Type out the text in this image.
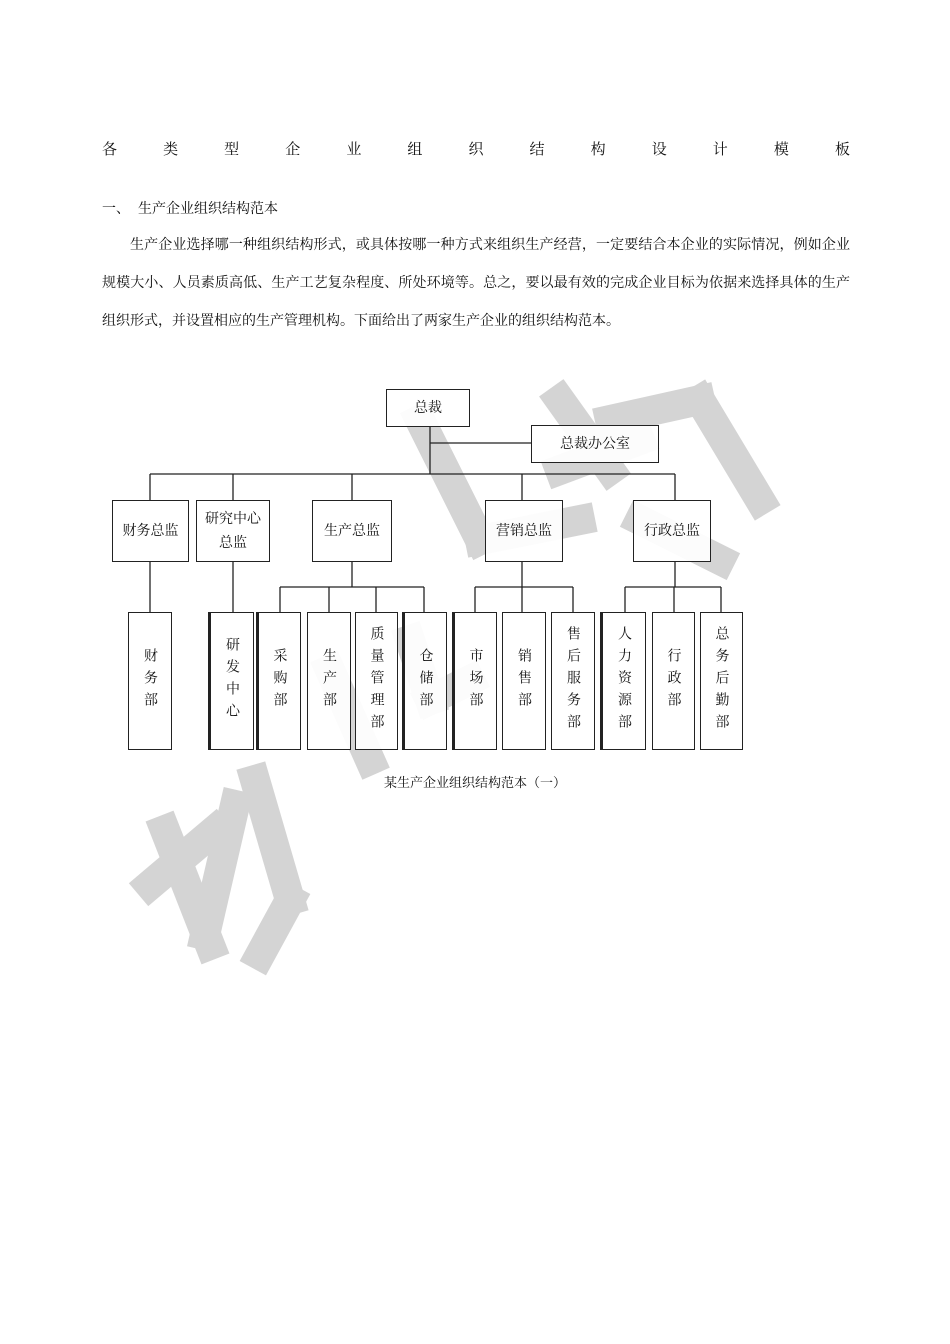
各	类	型	企	业	组	织	结	构	设	计	模	板
一、 生产企业组织结构范本
生产企业选择哪一种组织结构形式，或具体按哪一种方式来组织生产经营，一定要结合本企业的实际情况，例如企业规模大小、人员素质高低、生产工艺复杂程度、所处环境等。总之，要以最有效的完成企业目标为依据来选择具体的生产组织形式，并设置相应的生产管理机构。下面给出了两家生产企业的组织结构范本。
总裁
总裁办公室
财务总监
研究中心总监
生产总监	营销总监	行政总监
财务部	研发中心 采购部 生产部 质量管理部 仓储部 市场部 销售部 售后服务部	人力资源部 行政部 总务后勤部
某生产企业组织结构范本（一）
